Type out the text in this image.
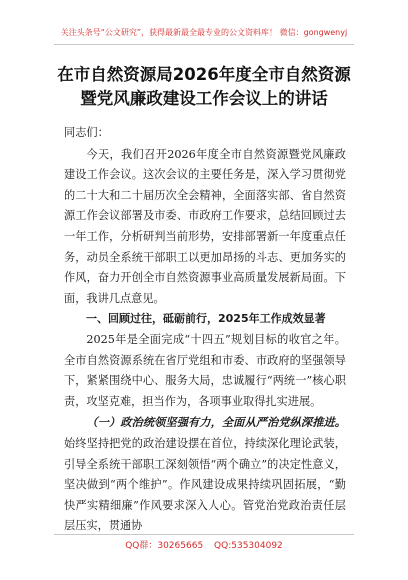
关注头条号“公文研究”，获得最新最全最专业的公文资料库！ 微信：gongwenyj
在市自然资源局2026年度全市自然资源
暨党风廉政建设工作会议上的讲话

同志们：

今天，我们召开2026年度全市自然资源暨党风廉政建设工作会议。这次会议的主要任务是，深入学习贯彻党的二十大和二十届历次全会精神，全面落实部、省自然资源工作会议部署及市委、市政府工作要求，总结回顾过去一年工作，分析研判当前形势，安排部署新一年度重点任务，动员全系统干部职工以更加昂扬的斗志、更加务实的作风，奋力开创全市自然资源事业高质量发展新局面。下面，我讲几点意见。

一、回顾过往，砥砺前行，2025年工作成效显著

2025年是全面完成“十四五”规划目标的收官之年。全市自然资源系统在省厅党组和市委、市政府的坚强领导下，紧紧围绕中心、服务大局，忠诚履行“两统一”核心职责，攻坚克难，担当作为，各项事业取得扎实进展。

（一）政治统领坚强有力，全面从严治党纵深推进。始终坚持把党的政治建设摆在首位，持续深化理论武装，引导全系统干部职工深刻领悟“两个确立”的决定性意义，坚决做到“两个维护”。作风建设成果持续巩固拓展，“勤快严实精细廉”作风要求深入人心。管党治党政治责任层层压实，贯通协

QQ群：30265665 QQ:535304092
